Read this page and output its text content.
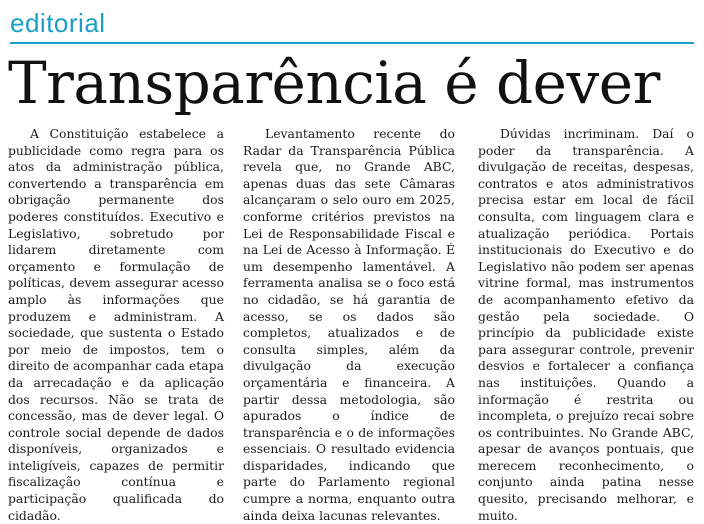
editorial
Transparência é dever

A Constituição estabelece a publicidade como regra para os atos da administração pública, convertendo a transparência em obrigação permanente dos poderes constituídos. Executivo e Legislativo, sobretudo por lidarem diretamente com orçamento e formulação de políticas, devem assegurar acesso amplo às informações que produzem e administram. A sociedade, que sustenta o Estado por meio de impostos, tem o direito de acompanhar cada etapa da arrecadação e da aplicação dos recursos. Não se trata de concessão, mas de dever legal. O controle social depende de dados disponíveis, organizados e inteligíveis, capazes de permitir fiscalização contínua e participação qualificada do cidadão.

Levantamento recente do Radar da Transparência Pública revela que, no Grande ABC, apenas duas das sete Câmaras alcançaram o selo ouro em 2025, conforme critérios previstos na Lei de Responsabilidade Fiscal e na Lei de Acesso à Informação. É um desempenho lamentável. A ferramenta analisa se o foco está no cidadão, se há garantia de acesso, se os dados são completos, atualizados e de consulta simples, além da divulgação da execução orçamentária e financeira. A partir dessa metodologia, são apurados o índice de transparência e o de informações essenciais. O resultado evidencia disparidades, indicando que parte do Parlamento regional cumpre a norma, enquanto outra ainda deixa lacunas relevantes.

Dúvidas incriminam. Daí o poder da transparência. A divulgação de receitas, despesas, contratos e atos administrativos precisa estar em local de fácil consulta, com linguagem clara e atualização periódica. Portais institucionais do Executivo e do Legislativo não podem ser apenas vitrine formal, mas instrumentos de acompanhamento efetivo da gestão pela sociedade. O princípio da publicidade existe para assegurar controle, prevenir desvios e fortalecer a confiança nas instituições. Quando a informação é restrita ou incompleta, o prejuízo recai sobre os contribuintes. No Grande ABC, apesar de avanços pontuais, que merecem reconhecimento, o conjunto ainda patina nesse quesito, precisando melhorar, e muito.
